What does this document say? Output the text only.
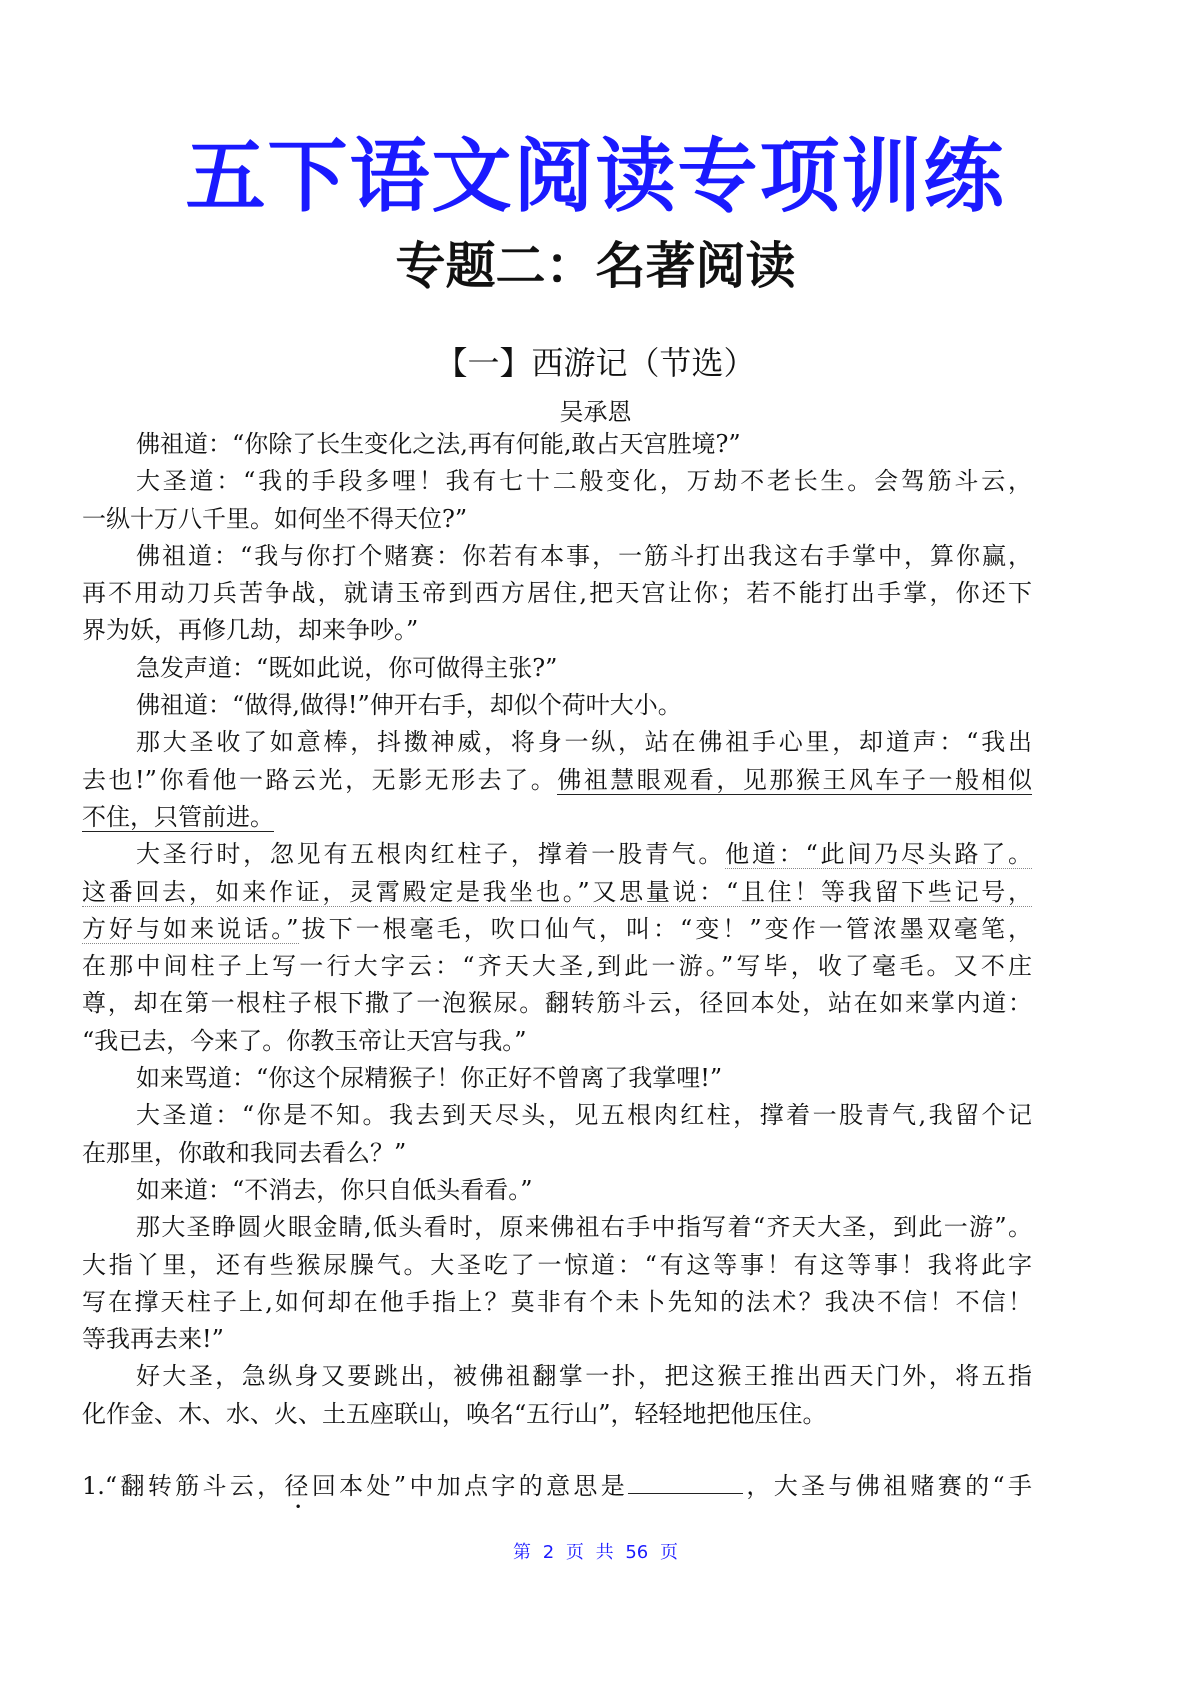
五下语文阅读专项训练
专题二：名著阅读
【一】西游记（节选）
吴承恩
佛祖道：“你除了长生变化之法,再有何能,敢占天宫胜境?”
大圣道：“我的手段多哩！我有七十二般变化，万劫不老长生。会驾筋斗云，
一纵十万八千里。如何坐不得天位?”
佛祖道：“我与你打个赌赛：你若有本事，一筋斗打出我这右手掌中，算你赢，
再不用动刀兵苦争战，就请玉帝到西方居住,把天宫让你；若不能打出手掌，你还下
界为妖，再修几劫，却来争吵。”
急发声道：“既如此说，你可做得主张?”
佛祖道：“做得,做得!”伸开右手，却似个荷叶大小。
那大圣收了如意棒，抖擞神威，将身一纵，站在佛祖手心里，却道声：“我出
去也!”你看他一路云光，无影无形去了。佛祖慧眼观看，见那猴王风车子一般相似
不住，只管前进。
大圣行时，忽见有五根肉红柱子，撑着一股青气。他道：“此间乃尽头路了。
这番回去，如来作证，灵霄殿定是我坐也。”又思量说：“且住！等我留下些记号，
方好与如来说话。”拔下一根毫毛，吹口仙气，叫：“变！”变作一管浓墨双毫笔，
在那中间柱子上写一行大字云：“齐天大圣,到此一游。”写毕，收了毫毛。又不庄
尊，却在第一根柱子根下撒了一泡猴尿。翻转筋斗云，径回本处，站在如来掌内道：
“我已去，今来了。你教玉帝让天宫与我。”
如来骂道：“你这个尿精猴子！你正好不曾离了我掌哩!”
大圣道：“你是不知。我去到天尽头，见五根肉红柱，撑着一股青气,我留个记
在那里，你敢和我同去看么？”
如来道：“不消去，你只自低头看看。”
那大圣睁圆火眼金睛,低头看时，原来佛祖右手中指写着“齐天大圣，到此一游”。
大指丫里，还有些猴尿臊气。大圣吃了一惊道：“有这等事！有这等事！我将此字
写在撑天柱子上,如何却在他手指上？莫非有个未卜先知的法术？我决不信！不信！
等我再去来!”
好大圣，急纵身又要跳出，被佛祖翻掌一扑，把这猴王推出西天门外，将五指
化作金、木、水、火、土五座联山，唤名“五行山”，轻轻地把他压住。
1.“翻转筋斗云，径回本处”中加点字的意思是	，大圣与佛祖赌赛的“手
第 2 页 共 56 页
